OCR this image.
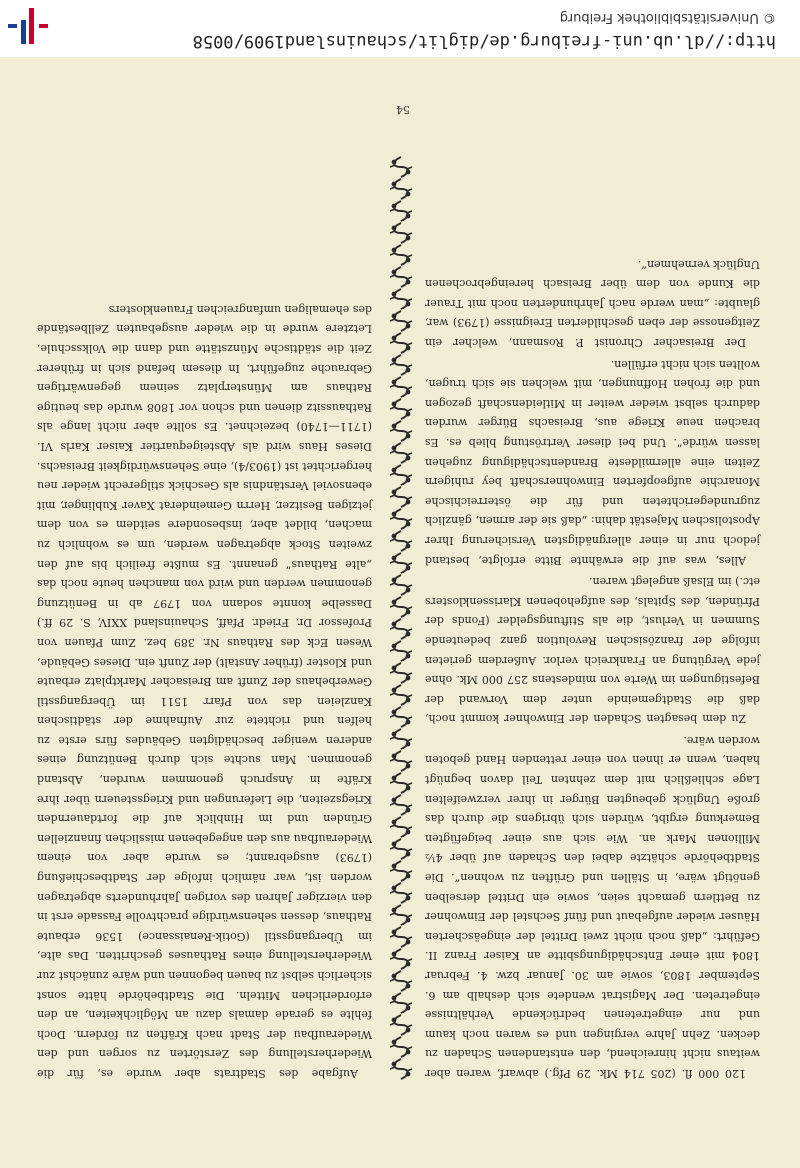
54

120 000 fl. (205 714 Mk. 29 Pfg.) abwarf, waren aber weitaus nicht hinreichend, den entstandenen Schaden zu decken. Zehn Jahre vergingen und es waren noch kaum und nur eingetretenen bedrückende Verhältnisse eingetreten. Der Magistrat wendete sich deshalb am 6. September 1803, sowie am 30. Januar bzw. 4. Februar 1804 mit einer Entschädigungsbitte an Kaiser Franz II. Geführt: „daß noch nicht zwei Drittel der eingeäscherten Häuser wieder aufgebaut und fünf Sechstel der Einwohner zu Bettlern gemacht seien, sowie ein Drittel derselben genötigt wäre, in Ställen und Grüften zu wohnen“. Die Stadtbehörde schätzte dabei den Schaden auf über 4½ Millionen Mark an. Wie sich aus einer beigefügten Bemerkung ergibt, würden sich übrigens die durch das große Unglück gebeugten Bürger in ihrer verzweifelten Lage schließlich mit dem zehnten Teil davon begnügt haben, wenn er ihnen von einer rettenden Hand geboten worden wäre.

Zu dem besagten Schaden der Einwohner kommt noch, daß die Stadtgemeinde unter dem Vorwand der Befestigungen im Werte von mindestens 257 000 Mk. ohne jede Vergütung an Frankreich verlor. Außerdem gerieten infolge der französischen Revolution ganz bedeutende Summen in Verlust, die als Stiftungsgelder (Fonds der Pfründen, des Spitals, des aufgehobenen Klarissenklosters etc.) im Elsaß angelegt waren.

Alles, was auf die erwähnte Bitte erfolgte, bestand jedoch nur in einer allergnädigsten Versicherung Ihrer Apostolischen Majestät dahin: „daß sie der armen, gänzlich zugrundegerichteten und für die österreichische Monarchie aufgeopferten Einwohnerschaft bey ruhigern Zeiten eine allermildeste Brandentschädigung zugehen lassen würde“. Und bei dieser Vertröstung blieb es. Es brachen neue Kriege aus, Breisachs Bürger wurden dadurch selbst wieder weiter in Mitleidenschaft gezogen und die frohen Hoffnungen, mit welchen sie sich trugen, wollten sich nicht erfüllen.

Der Breisacher Chronist P. Rosmann, welcher ein Zeitgenosse der eben geschilderten Ereignisse (1793) war, glaubte: „man werde nach Jahrhunderten noch mit Trauer die Kunde von dem über Breisach hereingebrochenen Unglück vernehmen“.

Aufgabe des Stadtrats aber wurde es, für die Wiederherstellung des Zerstörten zu sorgen und den Wiederaufbau der Stadt nach Kräften zu fördern. Doch fehlte es gerade damals dazu an Möglichkeiten, an den erforderlichen Mitteln. Die Stadtbehörde hätte sonst sicherlich selbst zu bauen begonnen und wäre zunächst zur Wiederherstellung eines Rathauses geschritten. Das alte, im Übergangsstil (Gotik-Renaissance) 1536 erbaute Rathaus, dessen sehenswürdige prachtvolle Fassade erst in den vierziger Jahren des vorigen Jahrhunderts abgetragen worden ist, war nämlich infolge der Stadtbeschießung (1793) ausgebrannt; es wurde aber von einem Wiederaufbau aus den angegebenen misslichen finanziellen Gründen und im Hinblick auf die fortdauernden Kriegszeiten, die Lieferungen und Kriegssteuern über ihre Kräfte in Anspruch genommen wurden, Abstand genommen. Man suchte sich durch Benützung eines anderen weniger beschädigten Gebäudes fürs erste zu helfen und richtete zur Aufnahme der städtischen Kanzleien das von Pfarr 1511 im Übergangsstil Gewerbehaus der Zunft am Breisacher Marktplatz erbaute und Kloster (früher Anstalt) der Zunft ein. Dieses Gebäude, Wesen Eck des Rathaus Nr. 389 bez. Zum Pfauen von Professor Dr. Friedr. Pfaff, Schauinsland XXIV, S. 29 ff.) Dasselbe konnte sodann von 1797 ab in Benützung genommen werden und wird von manchen heute noch das „alte Rathaus“ genannt. Es mußte freilich bis auf den zweiten Stock abgetragen werden, um es wohnlich zu machen, bildet aber, insbesondere seitdem es von dem jetzigen Besitzer, Herrn Gemeinderat Xaver Kublinger, mit ebensoviel Verständnis als Geschick stilgerecht wieder neu hergerichtet ist (1903/4), eine Sehenswürdigkeit Breisachs. Dieses Haus wird als Absteigequartier Kaiser Karls VI. (1711—1740) bezeichnet. Es sollte aber nicht lange als Rathaussitz dienen und schon vor 1808 wurde das heutige Rathaus am Münsterplatz seinem gegenwärtigen Gebrauche zugeführt. In diesem befand sich in früherer Zeit die städtische Münzstätte und dann die Volksschule. Letztere wurde in die wieder ausgebauten Zellbestände des ehemaligen umfangreichen Frauenklosters

http://dl.ub.uni-freiburg.de/diglit/schauinsland1909/0058
© Universitätsbibliothek Freiburg
